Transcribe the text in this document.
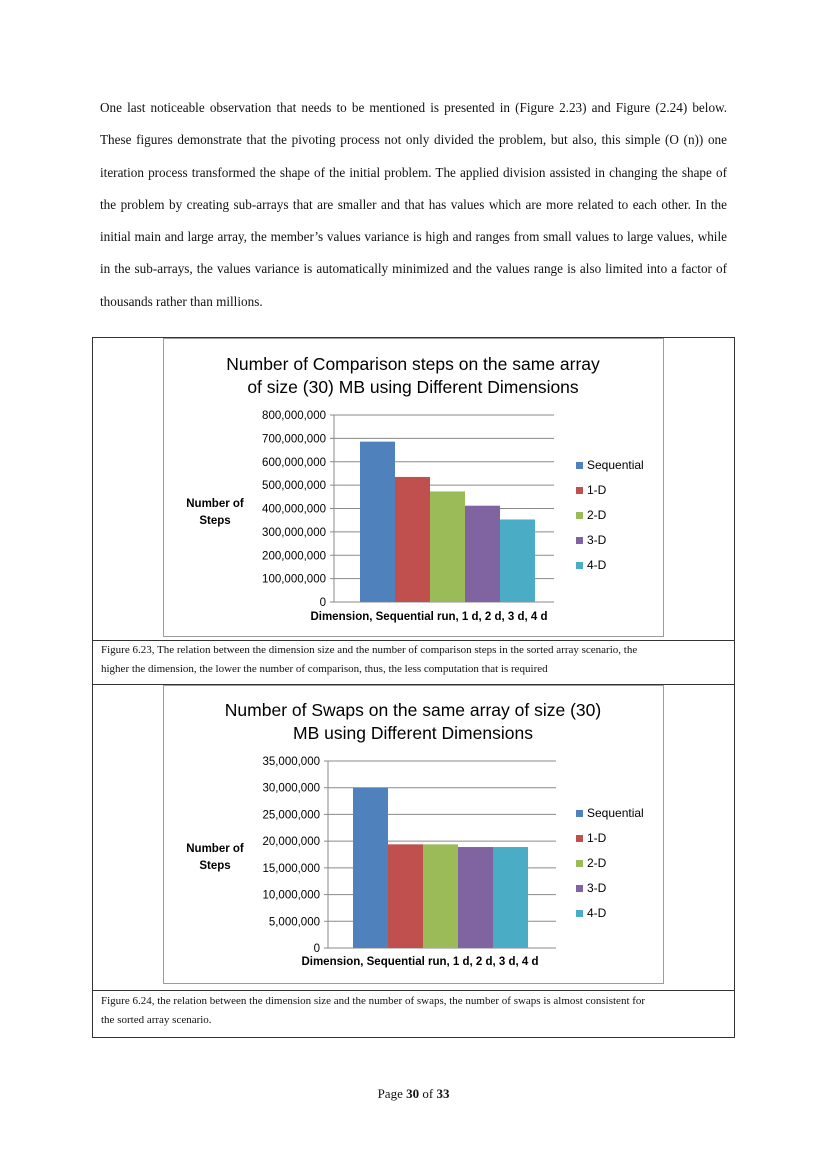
One last noticeable observation that needs to be mentioned is presented in (Figure 2.23) and Figure (2.24) below. These figures demonstrate that the pivoting process not only divided the problem, but also, this simple (O (n)) one iteration process transformed the shape of the initial problem. The applied division assisted in changing the shape of the problem by creating sub-arrays that are smaller and that has values which are more related to each other. In the initial main and large array, the member’s values variance is high and ranges from small values to large values, while in the sub-arrays, the values variance is automatically minimized and the values range is also limited into a factor of thousands rather than millions.

Number of Comparison steps on the same array
of size (30) MB using Different Dimensions
0
100,000,000
200,000,000
300,000,000
400,000,000
500,000,000
600,000,000
700,000,000
800,000,000
Number of
Steps
Dimension, Sequential run, 1 d, 2 d, 3 d, 4 d
Sequential
1-D
2-D
3-D
4-D

Figure 6.23, The relation between the dimension size and the number of comparison steps in the sorted array scenario, the

higher the dimension, the lower the number of comparison, thus, the less computation that is required

Number of Swaps on the same array of size (30)
MB using Different Dimensions
0
5,000,000
10,000,000
15,000,000
20,000,000
25,000,000
30,000,000
35,000,000
Number of
Steps
Dimension, Sequential run, 1 d, 2 d, 3 d, 4 d
Sequential
1-D
2-D
3-D
4-D

Figure 6.24, the relation between the dimension size and the number of swaps, the number of swaps is almost consistent for

the sorted array scenario.

Page 30 of 33
